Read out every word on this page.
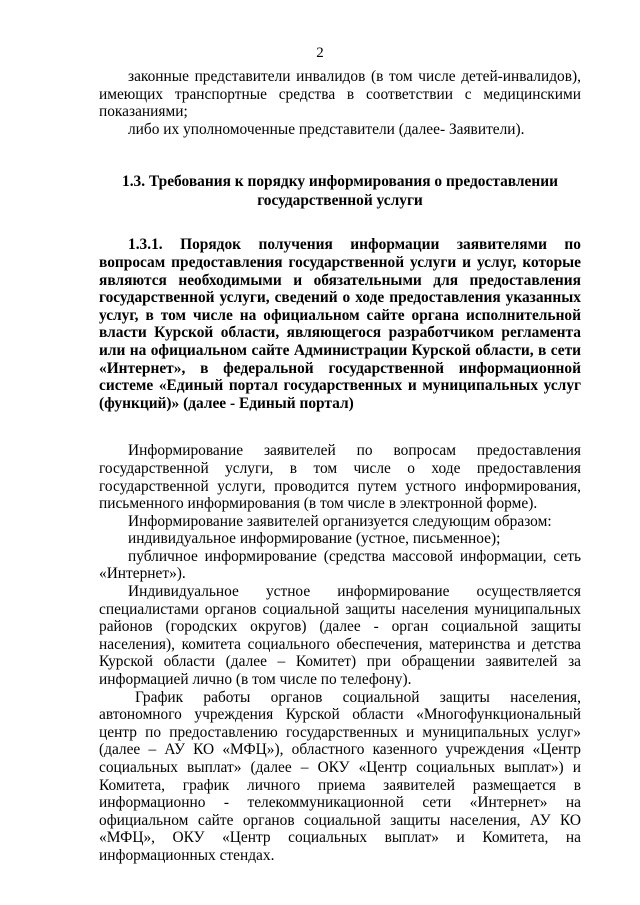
2

законные представители инвалидов (в том числе детей-инвалидов), имеющих транспортные средства в соответствии с медицинскими показаниями;

либо их уполномоченные представители (далее- Заявители).

1.3. Требования к порядку информирования о предоставлении
государственной услуги

1.3.1. Порядок получения информации заявителями по вопросам предоставления государственной услуги и услуг, которые являются необходимыми и обязательными для предоставления государственной услуги, сведений о ходе предоставления указанных услуг, в том числе на официальном сайте органа исполнительной власти Курской области, являющегося разработчиком регламента или на официальном сайте Администрации Курской области, в сети «Интернет», в федеральной государственной информационной системе «Единый портал государственных и муниципальных услуг (функций)» (далее - Единый портал)

Информирование заявителей по вопросам предоставления государственной услуги, в том числе о ходе предоставления государственной услуги, проводится путем устного информирования, письменного информирования (в том числе в электронной форме).

Информирование заявителей организуется следующим образом:

индивидуальное информирование (устное, письменное);

публичное информирование (средства массовой информации, сеть «Интернет»).

Индивидуальное устное информирование осуществляется специалистами органов социальной защиты населения муниципальных районов (городских округов) (далее - орган социальной защиты населения), комитета социального обеспечения, материнства и детства Курской области (далее – Комитет) при обращении заявителей за информацией лично (в том числе по телефону).

График работы органов социальной защиты населения, автономного учреждения Курской области «Многофункциональный центр по предоставлению государственных и муниципальных услуг» (далее – АУ КО «МФЦ»), областного казенного учреждения «Центр социальных выплат» (далее – ОКУ «Центр социальных выплат») и Комитета, график личного приема заявителей размещается в информационно - телекоммуникационной сети «Интернет» на официальном сайте органов социальной защиты населения, АУ КО «МФЦ», ОКУ «Центр социальных выплат» и Комитета, на информационных стендах.
